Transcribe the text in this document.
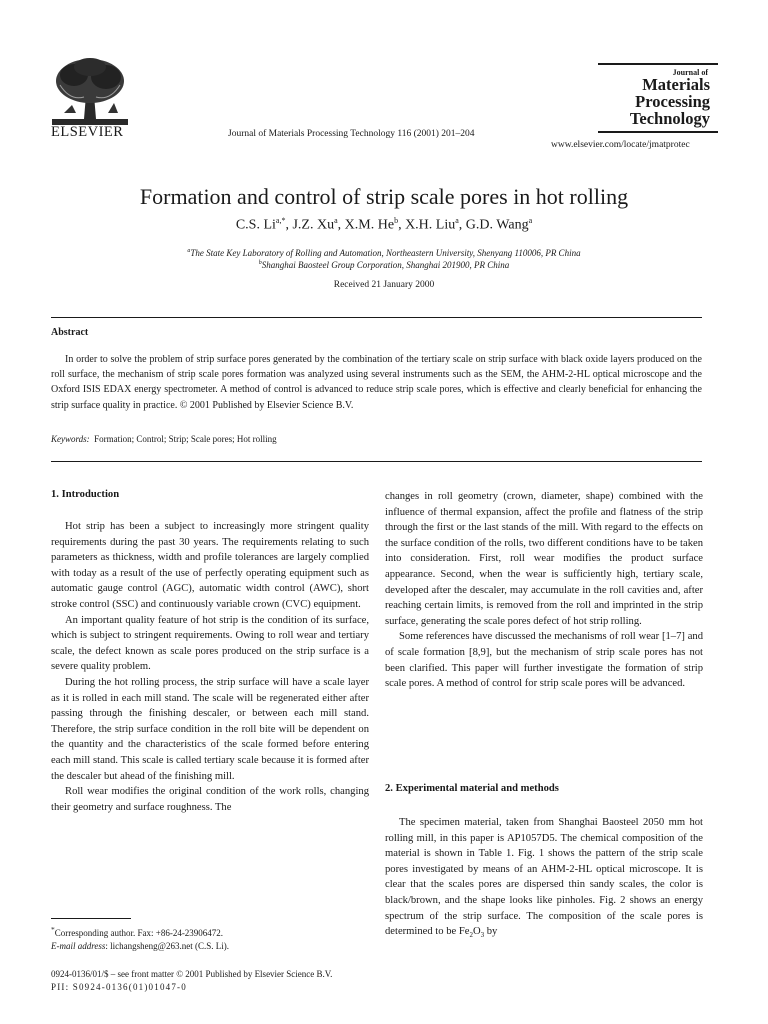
ELSEVIER	Journal of Materials Processing Technology 116 (2001) 201–204
Journal of
Materials
Processing
Technology
www.elsevier.com/locate/jmatprotec
Formation and control of strip scale pores in hot rolling
C.S. $Li^{a,*}$, J.Z. Xu$^a$, X.M. He$^b$, X.H. Liu$^a$, G.D. Wang$^a$
$^a$The State Key Laboratory of Rolling and Automation, Northeastern University, Shenyang 110006, PR China
$^b$Shanghai Baosteel Group Corporation, Shanghai 201900, PR China
Received 21 January 2000
Abstract
In order to solve the problem of strip surface pores generated by the combination of the tertiary scale on strip surface with black oxide layers produced on the roll surface, the mechanism of strip scale pores formation was analyzed using several instruments such as the SEM, the AHM-2-HL optical microscope and the Oxford ISIS EDAX energy spectrometer. A method of control is advanced to reduce strip scale pores, which is effective and clearly beneficial for enhancing the strip surface quality in practice. © 2001 Published by Elsevier Science B.V.
Keywords: Formation; Control; Strip; Scale pores; Hot rolling
1. Introduction

Hot strip has been a subject to increasingly more stringent quality requirements during the past 30 years. The requirements relating to such parameters as thickness, width and profile tolerances are largely complied with today as a result of the use of perfectly operating equipment such as automatic gauge control (AGC), automatic width control (AWC), short stroke control (SSC) and continuously variable crown (CVC) equipment.

An important quality feature of hot strip is the condition of its surface, which is subject to stringent requirements. Owing to roll wear and tertiary scale, the defect known as scale pores produced on the strip surface is a severe quality problem.

During the hot rolling process, the strip surface will have a scale layer as it is rolled in each mill stand. The scale will be regenerated either after passing through the finishing descaler, or between each mill stand. Therefore, the strip surface condition in the roll bite will be dependent on the quantity and the characteristics of the scale formed before entering each mill stand. This scale is called tertiary scale because it is formed after the descaler but ahead of the finishing mill.

Roll wear modifies the original condition of the work rolls, changing their geometry and surface roughness. The

changes in roll geometry (crown, diameter, shape) combined with the influence of thermal expansion, affect the profile and flatness of the strip through the first or the last stands of the mill. With regard to the effects on the surface condition of the rolls, two different conditions have to be taken into consideration. First, roll wear modifies the product surface appearance. Second, when the wear is sufficiently high, tertiary scale, developed after the descaler, may accumulate in the roll cavities and, after reaching certain limits, is removed from the roll and imprinted in the strip surface, generating the scale pores defect of hot strip rolling.

Some references have discussed the mechanisms of roll wear [1–7] and of scale formation [8,9], but the mechanism of strip scale pores has not been clarified. This paper will further investigate the formation of strip scale pores. A method of control for strip scale pores will be advanced.

2. Experimental material and methods

The specimen material, taken from Shanghai Baosteel 2050 mm hot rolling mill, in this paper is AP1057D5. The chemical composition of the material is shown in Table 1. Fig. 1 shows the pattern of the strip scale pores investigated by means of an AHM-2-HL optical microscope. It is clear that the scales pores are dispersed thin sandy scales, the color is black/brown, and the shape looks like pinholes. Fig. 2 shows an energy spectrum of the strip surface. The composition of the scale pores is determined to be $Fe_2O_3$ by

*Corresponding author. Fax: +86-24-23906472.
E-mail address: lichangsheng@263.net (C.S. Li).
0924-0136/01/$ – see front matter © 2001 Published by Elsevier Science B.V.
PII: S0924-0136(01)01047-0
